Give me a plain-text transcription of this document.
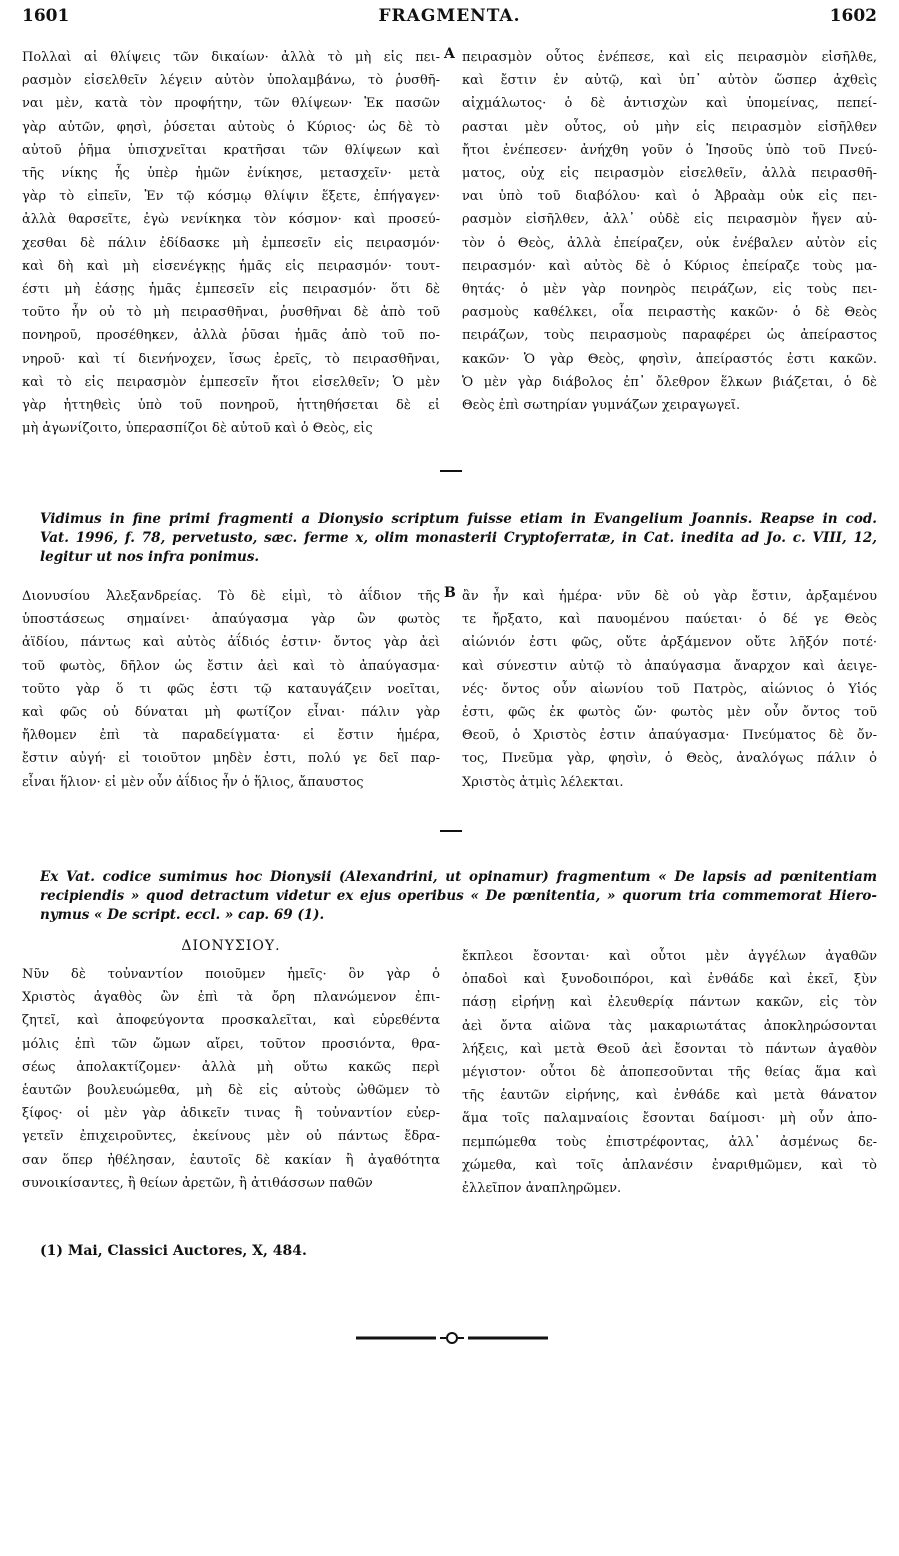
1601	FRAGMENTA.	1602
Πολλαὶ αἱ θλίψεις τῶν δικαίων· ἀλλὰ τὸ μὴ εἰς πει-
ρασμὸν εἰσελθεῖν λέγειν αὐτὸν ὑπολαμβάνω, τὸ ῥυσθῆ-
ναι μὲν, κατὰ τὸν προφήτην, τῶν θλίψεων· Ἐκ πασῶν
γὰρ αὐτῶν, φησὶ, ῥύσεται αὐτοὺς ὁ Κύριος· ὡς δὲ τὸ
αὐτοῦ ῥῆμα ὑπισχνεῖται κρατῆσαι τῶν θλίψεων καὶ
τῆς νίκης ἧς ὑπὲρ ἡμῶν ἐνίκησε, μετασχεῖν· μετὰ
γὰρ τὸ εἰπεῖν, Ἐν τῷ κόσμῳ θλίψιν ἕξετε, ἐπήγαγεν·
ἀλλὰ θαρσεῖτε, ἐγὼ νενίκηκα τὸν κόσμον· καὶ προσεύ-
χεσθαι δὲ πάλιν ἐδίδασκε μὴ ἐμπεσεῖν εἰς πειρασμόν·
καὶ δὴ καὶ μὴ εἰσενέγκῃς ἡμᾶς εἰς πειρασμόν· τουτ-
έστι μὴ ἐάσῃς ἡμᾶς ἐμπεσεῖν εἰς πειρασμόν· ὅτι δὲ
τοῦτο ἦν οὐ τὸ μὴ πειρασθῆναι, ῥυσθῆναι δὲ ἀπὸ τοῦ
πονηροῦ, προσέθηκεν, ἀλλὰ ῥῦσαι ἡμᾶς ἀπὸ τοῦ πο-
νηροῦ· καὶ τί διενήνοχεν, ἴσως ἐρεῖς, τὸ πειρασθῆναι,
καὶ τὸ εἰς πειρασμὸν ἐμπεσεῖν ἤτοι εἰσελθεῖν; Ὁ μὲν
γὰρ ἡττηθεὶς ὑπὸ τοῦ πονηροῦ, ἡττηθήσεται δὲ εἰ
μὴ ἀγωνίζοιτο, ὑπερασπίζοι δὲ αὐτοῦ καὶ ὁ Θεὸς, εἰς
A πειρασμὸν οὗτος ἐνέπεσε, καὶ εἰς πειρασμὸν εἰσῆλθε,
καὶ ἔστιν ἐν αὐτῷ, καὶ ὑπ᾽ αὐτὸν ὥσπερ ἀχθεὶς
αἰχμάλωτος· ὁ δὲ ἀντισχὼν καὶ ὑπομείνας, πεπεί-
ρασται μὲν οὗτος, οὐ μὴν εἰς πειρασμὸν εἰσῆλθεν
ἤτοι ἐνέπεσεν· ἀνήχθη γοῦν ὁ Ἰησοῦς ὑπὸ τοῦ Πνεύ-
ματος, οὐχ εἰς πειρασμὸν εἰσελθεῖν, ἀλλὰ πειρασθῆ-
ναι ὑπὸ τοῦ διαβόλου· καὶ ὁ Ἀβραὰμ οὐκ εἰς πει-
ρασμὸν εἰσῆλθεν, ἀλλ᾽ οὐδὲ εἰς πειρασμὸν ἤγεν αὐ-
τὸν ὁ Θεὸς, ἀλλὰ ἐπείραζεν, οὐκ ἐνέβαλεν αὐτὸν εἰς
πειρασμόν· καὶ αὐτὸς δὲ ὁ Κύριος ἐπείραζε τοὺς μα-
θητάς· ὁ μὲν γὰρ πονηρὸς πειράζων, εἰς τοὺς πει-
ρασμοὺς καθέλκει, οἷα πειραστὴς κακῶν· ὁ δὲ Θεὸς
πειράζων, τοὺς πειρασμοὺς παραφέρει ὡς ἀπείραστος
κακῶν· Ὁ γὰρ Θεὸς, φησὶν, ἀπείραστός ἐστι κακῶν.
Ὁ μὲν γὰρ διάβολος ἐπ᾽ ὄλεθρον ἕλκων βιάζεται, ὁ δὲ
Θεὸς ἐπὶ σωτηρίαν γυμνάζων χειραγωγεῖ.
Vidimus in fine primi fragmenti a Dionysio scriptum fuisse etiam in Evangelium Joannis. Reapse in cod.
Vat. 1996, f. 78, pervetusto, sæc. ferme x, olim monasterii Cryptoferratæ, in Cat. inedita ad Jo. c. VIII, 12,
legitur ut nos infra ponimus.
Διονυσίου Ἀλεξανδρείας. Τὸ δὲ εἰμὶ, τὸ ἀΐδιον τῆς
ὑποστάσεως σημαίνει· ἀπαύγασμα γὰρ ὢν φωτὸς
ἀϊδίου, πάντως καὶ αὐτὸς ἀΐδιός ἐστιν· ὄντος γὰρ ἀεὶ
τοῦ φωτὸς, δῆλον ὡς ἔστιν ἀεὶ καὶ τὸ ἀπαύγασμα·
τοῦτο γὰρ ὅ τι φῶς ἐστι τῷ καταυγάζειν νοεῖται,
καὶ φῶς οὐ δύναται μὴ φωτίζον εἶναι· πάλιν γὰρ
ἤλθομεν ἐπὶ τὰ παραδείγματα· εἰ ἔστιν ἡμέρα,
ἔστιν αὐγή· εἰ τοιοῦτον μηδὲν ἐστι, πολύ γε δεῖ παρ-
εἶναι ἥλιον· εἰ μὲν οὖν ἀΐδιος ἦν ὁ ἥλιος, ἄπαυστος
B ἂν ἦν καὶ ἡμέρα· νῦν δὲ οὐ γὰρ ἔστιν, ἀρξαμένου
τε ἤρξατο, καὶ παυομένου παύεται· ὁ δέ γε Θεὸς
αἰώνιόν ἐστι φῶς, οὔτε ἀρξάμενον οὔτε λῆξόν ποτέ·
καὶ σύνεστιν αὐτῷ τὸ ἀπαύγασμα ἄναρχον καὶ ἀειγε-
νές· ὄντος οὖν αἰωνίου τοῦ Πατρὸς, αἰώνιος ὁ Υἱός
ἐστι, φῶς ἐκ φωτὸς ὤν· φωτὸς μὲν οὖν ὄντος τοῦ
Θεοῦ, ὁ Χριστὸς ἐστιν ἀπαύγασμα· Πνεύματος δὲ ὄν-
τος, Πνεῦμα γὰρ, φησὶν, ὁ Θεὸς, ἀναλόγως πάλιν ὁ
Χριστὸς ἀτμὶς λέλεκται.
Ex Vat. codice sumimus hoc Dionysii (Alexandrini, ut opinamur) fragmentum « De lapsis ad pœnitentiam
recipiendis » quod detractum videtur ex ejus operibus « De pœnitentia, » quorum tria commemorat Hiero-
nymus « De script. eccl. » cap. 69 (1).
ΔΙΟΝΥΣΙΟΥ.
Νῦν δὲ τοὐναντίον ποιοῦμεν ἡμεῖς· ὃν γὰρ ὁ
Χριστὸς ἀγαθὸς ὢν ἐπὶ τὰ ὄρη πλανώμενον ἐπι-
ζητεῖ, καὶ ἀποφεύγοντα προσκαλεῖται, καὶ εὑρεθέντα
μόλις ἐπὶ τῶν ὤμων αἴρει, τοῦτον προσιόντα, θρα-
σέως ἀπολακτίζομεν· ἀλλὰ μὴ οὕτω κακῶς περὶ
ἑαυτῶν βουλευώμεθα, μὴ δὲ εἰς αὐτοὺς ὠθῶμεν τὸ
ξίφος· οἱ μὲν γὰρ ἀδικεῖν τινας ἢ τοὐναντίον εὐερ-
γετεῖν ἐπιχειροῦντες, ἐκείνους μὲν οὐ πάντως ἔδρα-
σαν ὅπερ ἠθέλησαν, ἑαυτοῖς δὲ κακίαν ἢ ἀγαθότητα
συνοικίσαντες, ἢ θείων ἀρετῶν, ἢ ἀτιθάσσων παθῶν
ἔκπλεοι ἔσονται· καὶ οὗτοι μὲν ἀγγέλων ἀγαθῶν
ὀπαδοὶ καὶ ξυνοδοιπόροι, καὶ ἐνθάδε καὶ ἐκεῖ, ξὺν
πάσῃ εἰρήνῃ καὶ ἐλευθερίᾳ πάντων κακῶν, εἰς τὸν
ἀεὶ ὄντα αἰῶνα τὰς μακαριωτάτας ἀποκληρώσονται
λήξεις, καὶ μετὰ Θεοῦ ἀεὶ ἔσονται τὸ πάντων ἀγαθὸν
μέγιστον· οὗτοι δὲ ἀποπεσοῦνται τῆς θείας ἅμα καὶ
τῆς ἑαυτῶν εἰρήνης, καὶ ἐνθάδε καὶ μετὰ θάνατον
ἅμα τοῖς παλαμναίοις ἔσονται δαίμοσι· μὴ οὖν ἀπο-
πεμπώμεθα τοὺς ἐπιστρέφοντας, ἀλλ᾽ ἀσμένως δε-
χώμεθα, καὶ τοῖς ἀπλανέσιν ἐναριθμῶμεν, καὶ τὸ
ἐλλεῖπον ἀναπληρῶμεν.
(1) Mai, Classici Auctores, X, 484.
